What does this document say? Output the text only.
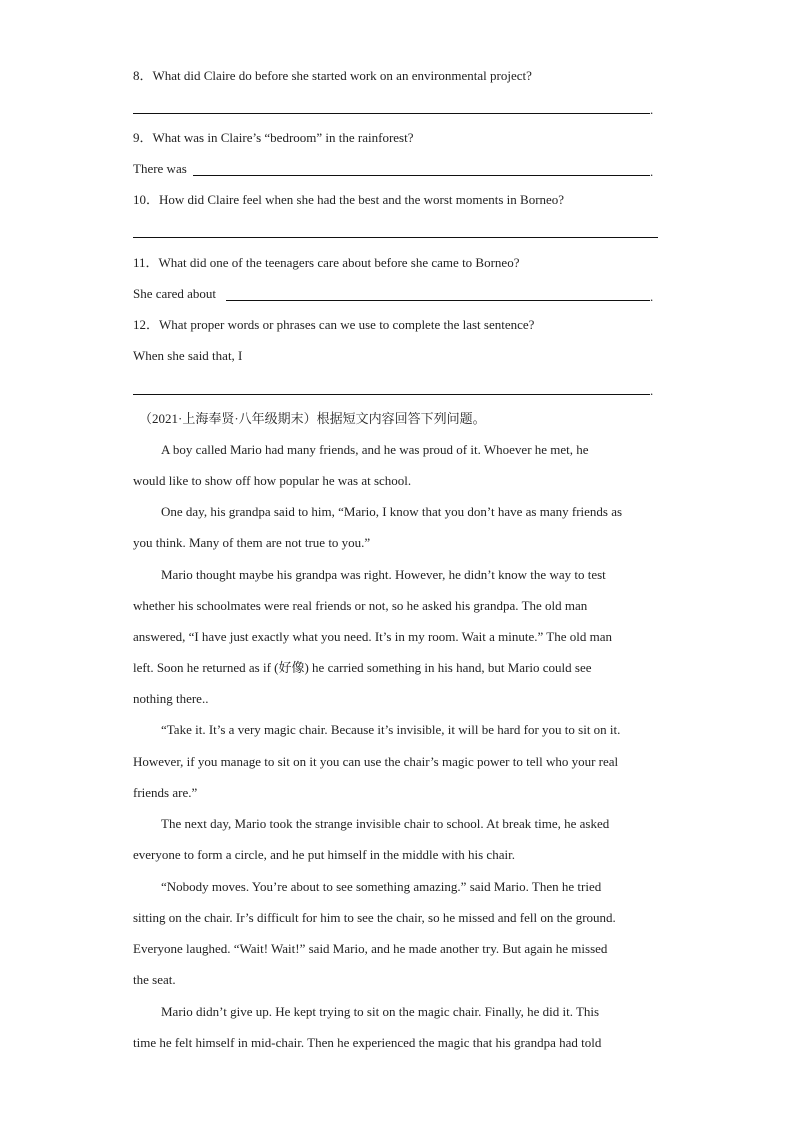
8．What did Claire do before she started work on an environmental project?
.
9．What was in Claire’s “bedroom” in the rainforest?
There was	.
10．How did Claire feel when she had the best and the worst moments in Borneo?
11．What did one of the teenagers care about before she came to Borneo?
She cared about	.
12．What proper words or phrases can we use to complete the last sentence?
When she said that, I
.
（2021·上海奉贤·八年级期末）根据短文内容回答下列问题。
A boy called Mario had many friends, and he was proud of it. Whoever he met, he
would like to show off how popular he was at school.
One day, his grandpa said to him, “Mario, I know that you don’t have as many friends as
you think. Many of them are not true to you.”
Mario thought maybe his grandpa was right. However, he didn’t know the way to test
whether his schoolmates were real friends or not, so he asked his grandpa. The old man
answered, “I have just exactly what you need. It’s in my room. Wait a minute.” The old man
left. Soon he returned as if (好像) he carried something in his hand, but Mario could see
nothing there..
“Take it. It’s a very magic chair. Because it’s invisible, it will be hard for you to sit on it.
However, if you manage to sit on it you can use the chair’s magic power to tell who your real
friends are.”
The next day, Mario took the strange invisible chair to school. At break time, he asked
everyone to form a circle, and he put himself in the middle with his chair.
“Nobody moves. You’re about to see something amazing.” said Mario. Then he tried
sitting on the chair. Ir’s difficult for him to see the chair, so he missed and fell on the ground.
Everyone laughed. “Wait! Wait!” said Mario, and he made another try. But again he missed
the seat.
Mario didn’t give up. He kept trying to sit on the magic chair. Finally, he did it. This
time he felt himself in mid-chair. Then he experienced the magic that his grandpa had told
